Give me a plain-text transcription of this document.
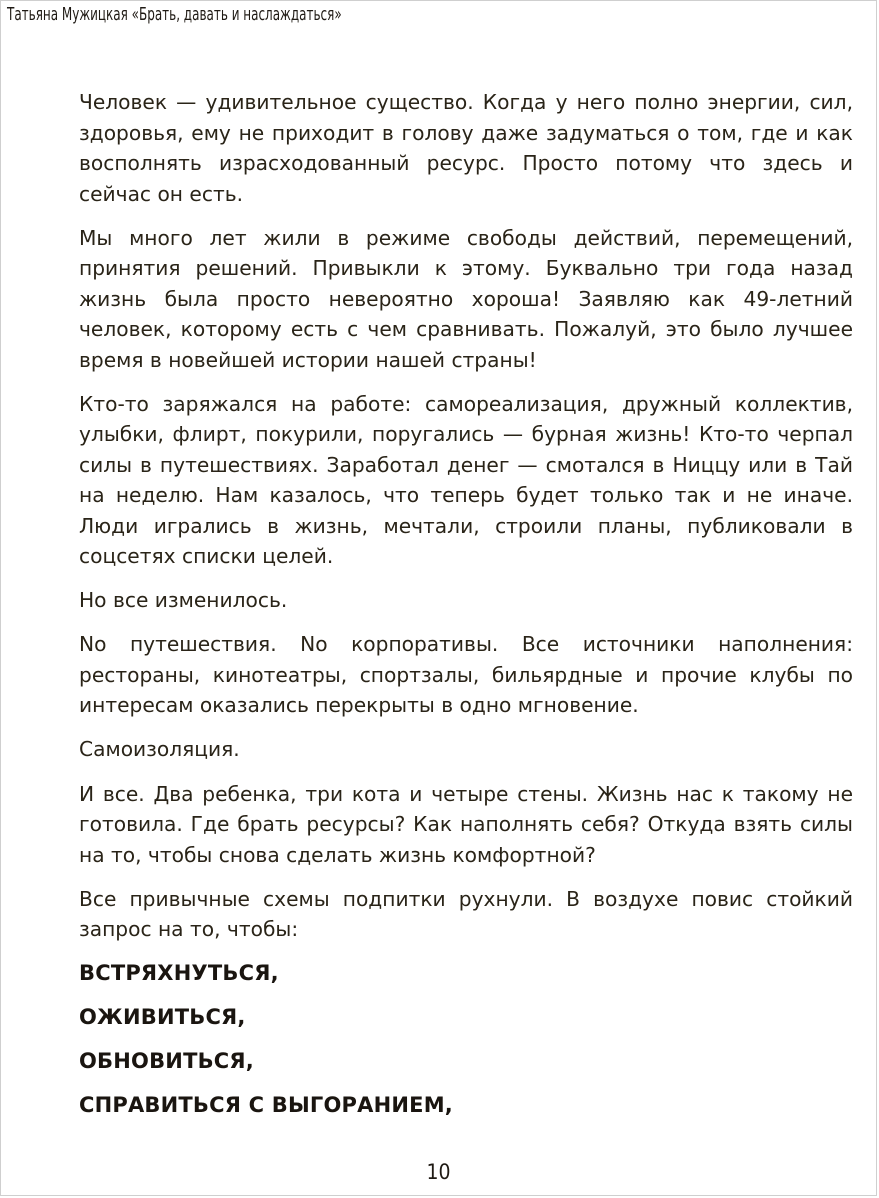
Татьяна Мужицкая «Брать, давать и наслаждаться»

Человек — удивительное существо. Когда у него полно энергии, сил, здоровья, ему не приходит в голову даже задуматься о том, где и как восполнять израсходованный ресурс. Просто потому что здесь и сейчас он есть.

Мы много лет жили в режиме свободы действий, перемещений, принятия решений. Привыкли к этому. Буквально три года назад жизнь была просто невероятно хороша! Заявляю как 49-летний человек, которому есть с чем сравнивать. Пожалуй, это было лучшее время в новейшей истории нашей страны!

Кто-то заряжался на работе: самореализация, дружный коллектив, улыбки, флирт, покурили, поругались — бурная жизнь! Кто-то черпал силы в путешествиях. Заработал денег — смотался в Ниццу или в Тай на неделю. Нам казалось, что теперь будет только так и не иначе. Люди игрались в жизнь, мечтали, строили планы, публиковали в соцсетях списки целей.

Но все изменилось.

No путешествия. No корпоративы. Все источники наполнения: рестораны, кинотеатры, спортзалы, бильярдные и прочие клубы по интересам оказались перекрыты в одно мгновение.

Самоизоляция.

И все. Два ребенка, три кота и четыре стены. Жизнь нас к такому не готовила. Где брать ресурсы? Как наполнять себя? Откуда взять силы на то, чтобы снова сделать жизнь комфортной?

Все привычные схемы подпитки рухнули. В воздухе повис стойкий запрос на то, чтобы:

ВСТРЯХНУТЬСЯ,

ОЖИВИТЬСЯ,

ОБНОВИТЬСЯ,

СПРАВИТЬСЯ С ВЫГОРАНИЕМ,

10
